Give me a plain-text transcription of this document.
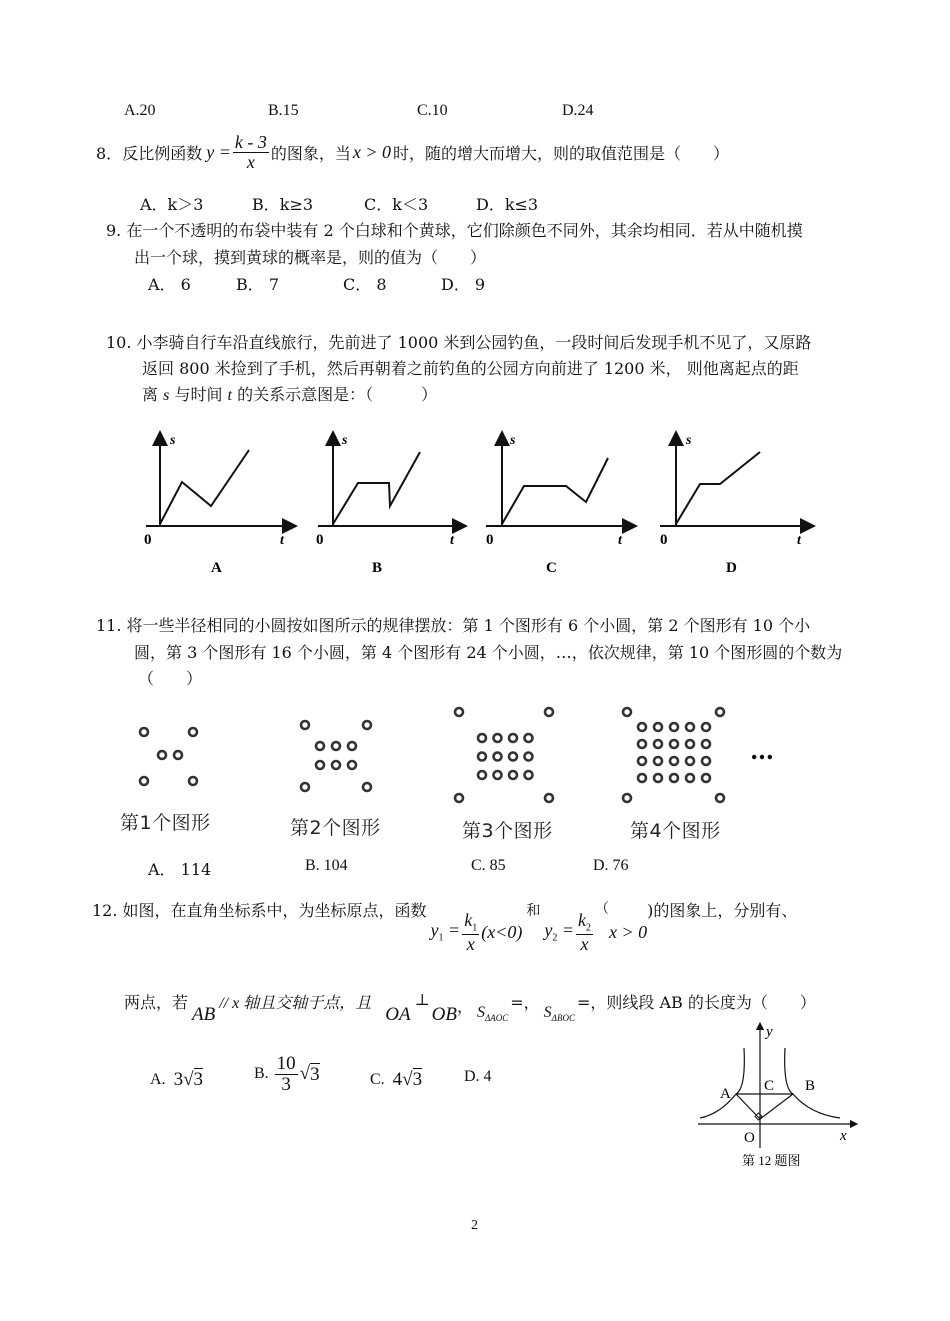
A.20	B.15	C.10	D.24
8． 反比例函数 $y = \frac{k - 3}{x}$ 的图象，当 x > 0 时，随的增大而增大，则的取值范围是（　　）
A．k＞3	B．k≥3	C．k＜3	D．k≤3
9. 在一个不透明的布袋中装有 2 个白球和个黄球，它们除颜色不同外，其余均相同．若从中随机摸
出一个球，摸到黄球的概率是，则的值为（　　）
A． 6	B． 7	C． 8	D． 9
10. 小李骑自行车沿直线旅行，先前进了 1000 米到公园钓鱼，一段时间后发现手机不见了，又原路
返回 800 米捡到了手机，然后再朝着之前钓鱼的公园方向前进了 1200 米， 则他离起点的距
离 s 与时间 t 的关系示意图是：（　　　）
s
t
0
A
s
t
0
B
s
t
0
C
s
t
0
D
11. 将一些半径相同的小圆按如图所示的规律摆放：第 1 个图形有 6 个小圆，第 2 个图形有 10 个小
圆，第 3 个图形有 16 个小圆，第 4 个图形有 24 个小圆，…，依次规律，第 10 个图形圆的个数为
（　　）
第1个图形	第2个图形	第3个图形	第4个图形
…
A． 114	B. 104	C. 85	D. 76
12. 如图，在直角坐标系中，为坐标原点，函数
$y_1 = \frac{k_1}{x} (x<0)$
和
$y_2 = \frac{k_2}{x}$
（
x > 0
)的图象上，分别有、
两点，若
AB
// x 轴且交轴于点，且
OA
⊥
OB ， $S_{\Delta AOC}$
=，
$S_{\Delta BOC}$
=，则线段 AB 的长度为（　　）
A. 3 √ 3	B. $\frac{10}{3}$ √ 3	C. 4 √ 3	D. 4
y
x
A	B
C
O
第 12 题图
2
